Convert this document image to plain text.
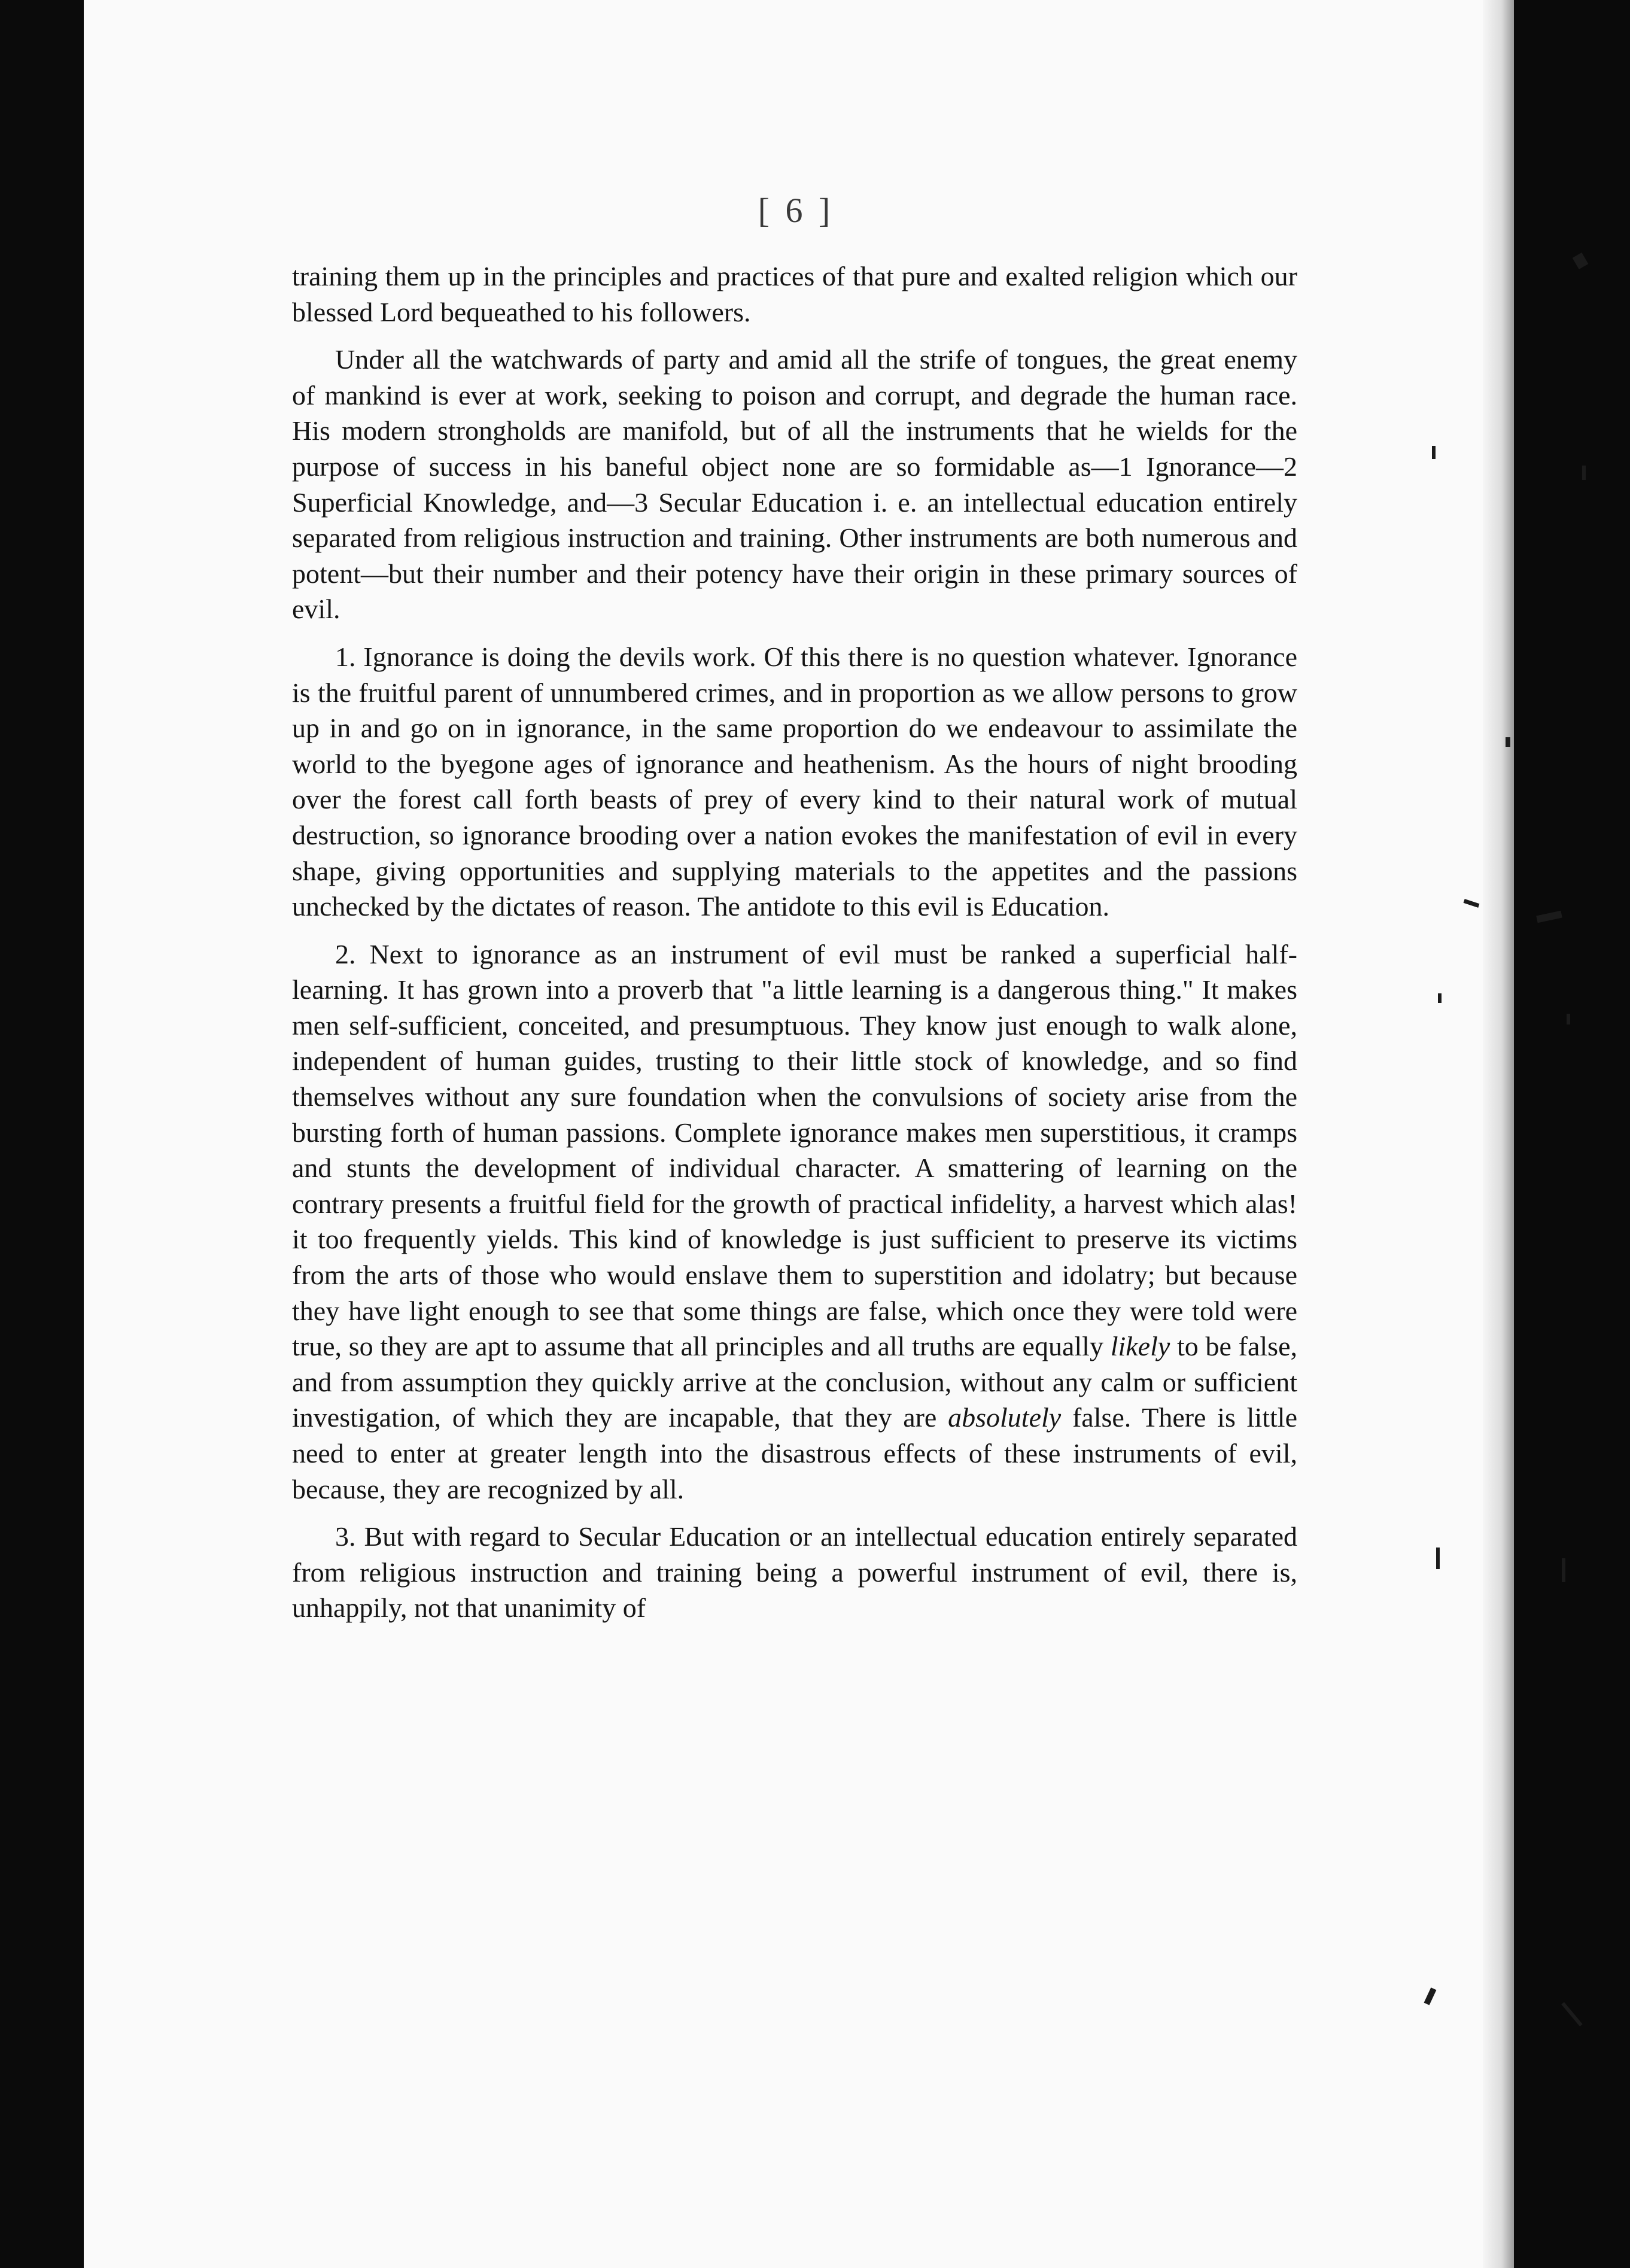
[ 6 ]

training them up in the principles and practices of that pure and exalted religion which our blessed Lord bequeathed to his followers.

Under all the watchwards of party and amid all the strife of tongues, the great enemy of mankind is ever at work, seeking to poison and corrupt, and degrade the human race. His modern strongholds are manifold, but of all the instruments that he wields for the purpose of success in his baneful object none are so formidable as—1 Ignorance—2 Superficial Knowledge, and—3 Secular Education i. e. an intellectual education entirely separated from religious instruction and training. Other instruments are both numerous and potent—but their number and their potency have their origin in these primary sources of evil.

1. Ignorance is doing the devils work. Of this there is no question whatever. Ignorance is the fruitful parent of unnumbered crimes, and in proportion as we allow persons to grow up in and go on in ignorance, in the same proportion do we endeavour to assimilate the world to the byegone ages of ignorance and heathenism. As the hours of night brooding over the forest call forth beasts of prey of every kind to their natural work of mutual destruction, so ignorance brooding over a nation evokes the manifestation of evil in every shape, giving opportunities and supplying materials to the appetites and the passions unchecked by the dictates of reason. The antidote to this evil is Education.

2. Next to ignorance as an instrument of evil must be ranked a superficial half-learning. It has grown into a proverb that "a little learning is a dangerous thing." It makes men self-sufficient, conceited, and presumptuous. They know just enough to walk alone, independent of human guides, trusting to their little stock of knowledge, and so find themselves without any sure foundation when the convulsions of society arise from the bursting forth of human passions. Complete ignorance makes men superstitious, it cramps and stunts the development of individual character. A smattering of learning on the contrary presents a fruitful field for the growth of practical infidelity, a harvest which alas! it too frequently yields. This kind of knowledge is just sufficient to preserve its victims from the arts of those who would enslave them to superstition and idolatry; but because they have light enough to see that some things are false, which once they were told were true, so they are apt to assume that all principles and all truths are equally likely to be false, and from assumption they quickly arrive at the conclusion, without any calm or sufficient investigation, of which they are incapable, that they are absolutely false. There is little need to enter at greater length into the disastrous effects of these instruments of evil, because, they are recognized by all.

3. But with regard to Secular Education or an intellectual education entirely separated from religious instruction and training being a powerful instrument of evil, there is, unhappily, not that unanimity of
